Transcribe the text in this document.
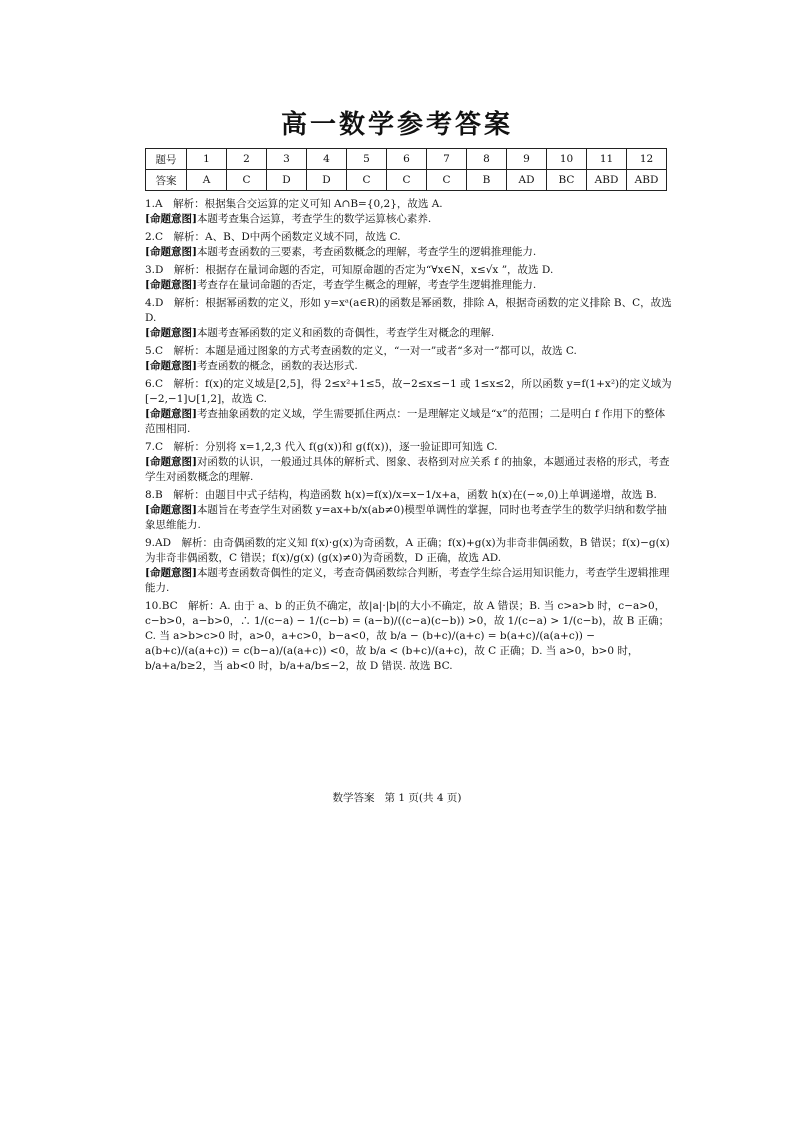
高一数学参考答案
题号	1	2	3	4	5	6	7	8	9	10	11	12
答案	A	C	D	D	C	C	C	B	AD	BC	ABD	ABD

1.A　解析：根据集合交运算的定义可知 A∩B={0,2}，故选 A.

[命题意图]本题考查集合运算，考查学生的数学运算核心素养.

2.C　解析：A、B、D中两个函数定义域不同，故选 C.

[命题意图]本题考查函数的三要素，考查函数概念的理解，考查学生的逻辑推理能力.

3.D　解析：根据存在量词命题的否定，可知原命题的否定为“∀x∈N，x≤√x ”，故选 D.

[命题意图]考查存在量词命题的否定，考查学生概念的理解，考查学生逻辑推理能力.

4.D　解析：根据幂函数的定义，形如 y=xᵃ(a∈R)的函数是幂函数，排除 A，根据奇函数的定义排除 B、C，故选 D.

[命题意图]本题考查幂函数的定义和函数的奇偶性，考查学生对概念的理解.

5.C　解析：本题是通过图象的方式考查函数的定义，“一对一”或者“多对一”都可以，故选 C.

[命题意图]考查函数的概念，函数的表达形式.

6.C　解析：f(x)的定义域是[2,5]，得 2≤x²+1≤5，故−2≤x≤−1 或 1≤x≤2，所以函数 y=f(1+x²)的定义域为[−2,−1]∪[1,2]，故选 C.

[命题意图]考查抽象函数的定义域，学生需要抓住两点：一是理解定义域是“x”的范围；二是明白 f 作用下的整体范围相同.

7.C　解析：分别将 x=1,2,3 代入 f(g(x))和 g(f(x))，逐一验证即可知选 C.

[命题意图]对函数的认识，一般通过具体的解析式、图象、表格到对应关系 f 的抽象，本题通过表格的形式，考查学生对函数概念的理解.

8.B　解析：由题目中式子结构，构造函数 h(x)=f(x)/x=x−1/x+a，函数 h(x)在(−∞,0)上单调递增，故选 B.

[命题意图]本题旨在考查学生对函数 y=ax+b/x(ab≠0)模型单调性的掌握，同时也考查学生的数学归纳和数学抽象思维能力.

9.AD　解析：由奇偶函数的定义知 f(x)·g(x)为奇函数，A 正确；f(x)+g(x)为非奇非偶函数，B 错误；f(x)−g(x)为非奇非偶函数，C 错误；f(x)/g(x) (g(x)≠0)为奇函数，D 正确，故选 AD.

[命题意图]本题考查函数奇偶性的定义，考查奇偶函数综合判断，考查学生综合运用知识能力，考查学生逻辑推理能力.

10.BC　解析：A. 由于 a、b 的正负不确定，故|a|·|b|的大小不确定，故 A 错误；B. 当 c>a>b 时，c−a>0，c−b>0，a−b>0，∴ 1/(c−a) − 1/(c−b) = (a−b)/((c−a)(c−b)) >0，故 1/(c−a) > 1/(c−b)，故 B 正确；C. 当 a>b>c>0 时，a>0，a+c>0，b−a<0，故 b/a − (b+c)/(a+c) = b(a+c)/(a(a+c)) − a(b+c)/(a(a+c)) = c(b−a)/(a(a+c)) <0，故 b/a < (b+c)/(a+c)，故 C 正确；D. 当 a>0，b>0 时，b/a+a/b≥2，当 ab<0 时，b/a+a/b≤−2，故 D 错误. 故选 BC.

数学答案 第 1 页(共 4 页)
